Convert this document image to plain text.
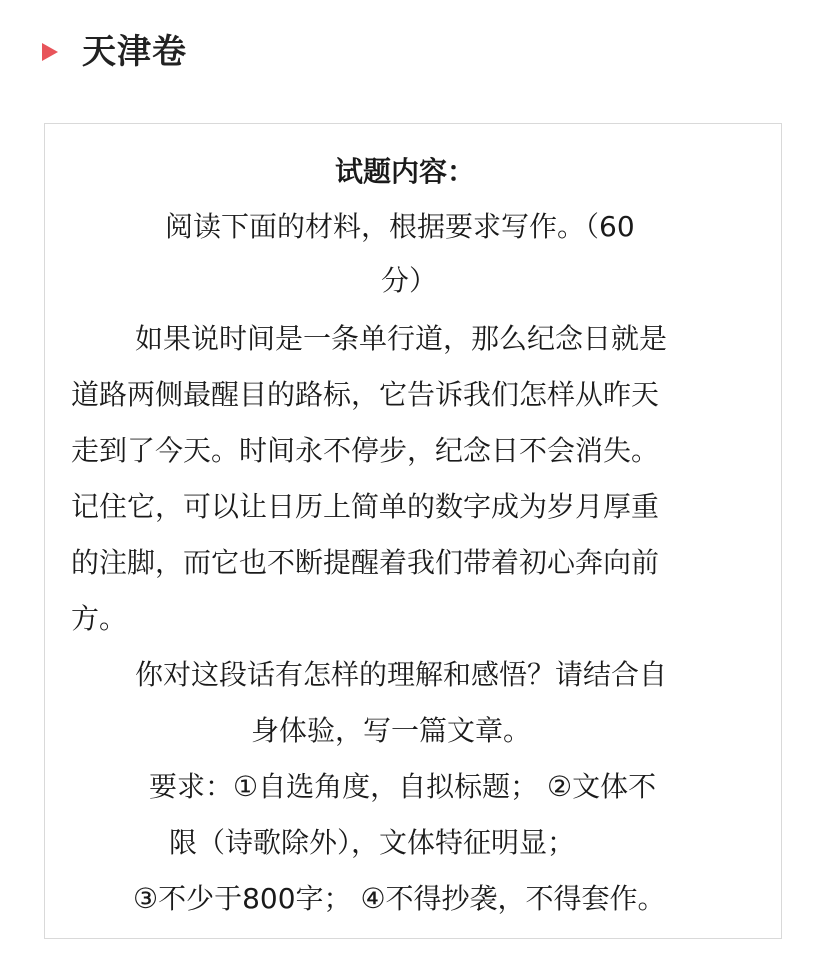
天津卷
试题内容：
阅读下面的材料，根据要求写作。（60
分）
如果说时间是一条单行道，那么纪念日就是
道路两侧最醒目的路标，它告诉我们怎样从昨天
走到了今天。时间永不停步，纪念日不会消失。
记住它，可以让日历上简单的数字成为岁月厚重
的注脚，而它也不断提醒着我们带着初心奔向前
方。
你对这段话有怎样的理解和感悟？请结合自
身体验，写一篇文章。
要求：①自选角度，自拟标题； ②文体不
限（诗歌除外），文体特征明显；
③不少于800字； ④不得抄袭，不得套作。
